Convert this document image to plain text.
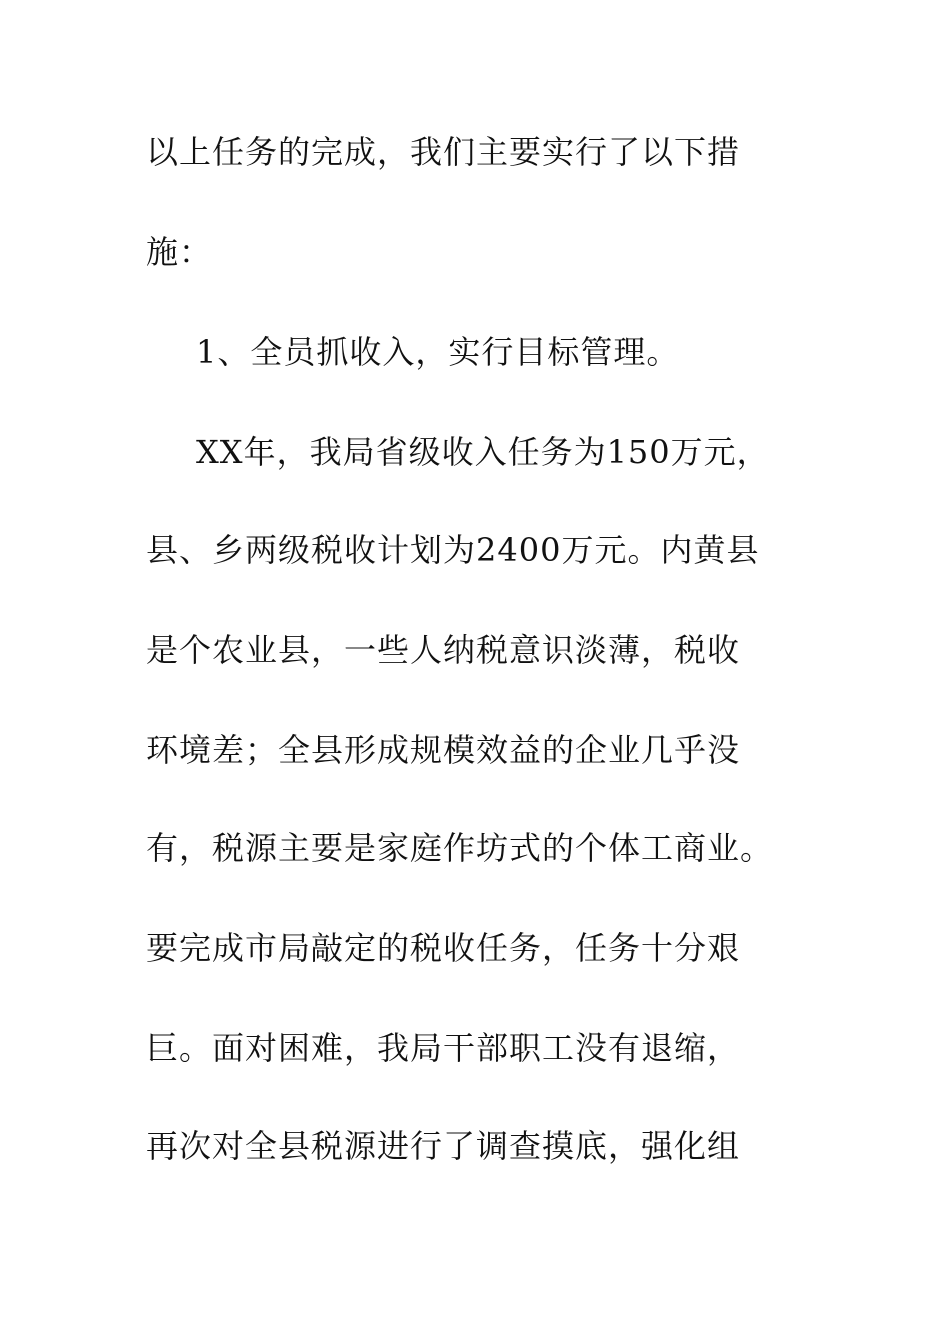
以上任务的完成，我们主要实行了以下措
施：
1、全员抓收入，实行目标管理。
XX年，我局省级收入任务为150万元，
县、乡两级税收计划为2400万元。内黄县
是个农业县，一些人纳税意识淡薄，税收
环境差；全县形成规模效益的企业几乎没
有，税源主要是家庭作坊式的个体工商业。
要完成市局敲定的税收任务，任务十分艰
巨。面对困难，我局干部职工没有退缩，
再次对全县税源进行了调查摸底，强化组
